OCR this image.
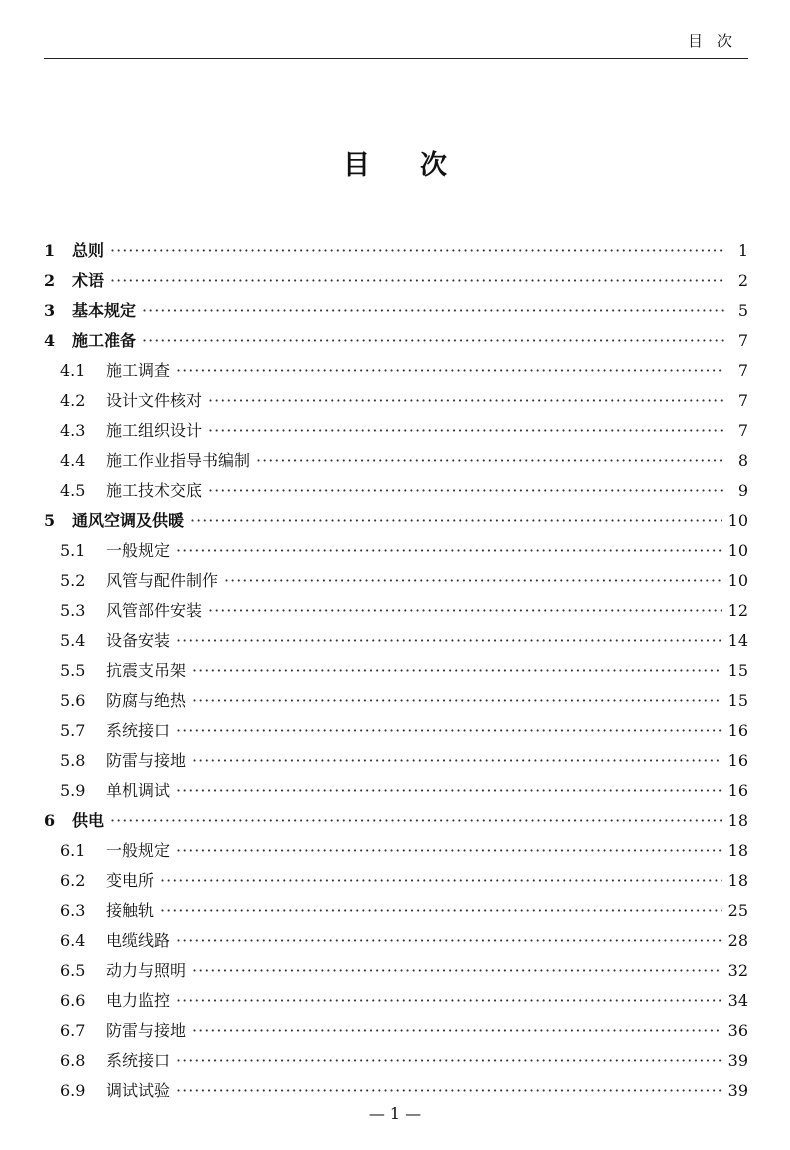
目次
目次
1	总则 ·····	1
2	术语 ·····	2
3	基本规定 ·····	5
4	施工准备 ·····	7
4.1	施工调查 ·····	7
4.2	设计文件核对 ·····	7
4.3	施工组织设计 ·····	7
4.4	施工作业指导书编制 ·····	8
4.5	施工技术交底 ·····	9
5	通风空调及供暖 ·····	10
5.1	一般规定 ·····	10
5.2	风管与配件制作 ·····	10
5.3	风管部件安装 ·····	12
5.4	设备安装 ·····	14
5.5	抗震支吊架 ·····	15
5.6	防腐与绝热 ·····	15
5.7	系统接口 ·····	16
5.8	防雷与接地 ·····	16
5.9	单机调试 ·····	16
6	供电 ·····	18
6.1	一般规定 ·····	18
6.2	变电所 ·····	18
6.3	接触轨 ·····	25
6.4	电缆线路 ·····	28
6.5	动力与照明 ·····	32
6.6	电力监控 ·····	34
6.7	防雷与接地 ·····	36
6.8	系统接口 ·····	39
6.9	调试试验 ·····	39
— 1 —
